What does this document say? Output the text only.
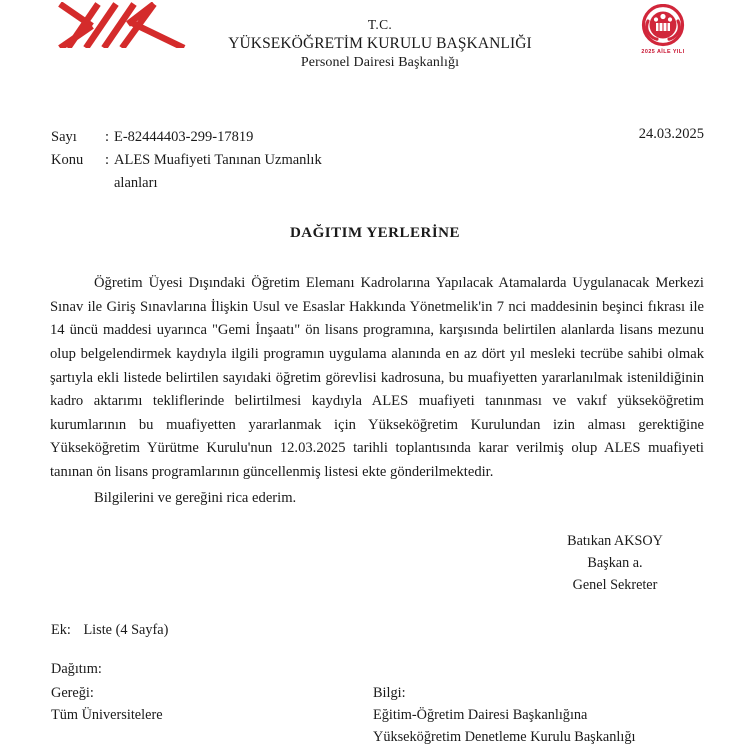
T.C.
YÜKSEKÖĞRETİM KURULU BAŞKANLIĞI
Personel Dairesi Başkanlığı
2025 AİLE YILI
Sayı	: E-82444403-299-17819
Konu	: ALES Muafiyeti Tanınan Uzmanlık
alanları
24.03.2025
DAĞITIM YERLERİNE

Öğretim Üyesi Dışındaki Öğretim Elemanı Kadrolarına Yapılacak Atamalarda Uygulanacak Merkezi Sınav ile Giriş Sınavlarına İlişkin Usul ve Esaslar Hakkında Yönetmelik'in 7 nci maddesinin beşinci fıkrası ile 14 üncü maddesi uyarınca "Gemi İnşaatı" ön lisans programına, karşısında belirtilen alanlarda lisans mezunu olup belgelendirmek kaydıyla ilgili programın uygulama alanında en az dört yıl mesleki tecrübe sahibi olmak şartıyla ekli listede belirtilen sayıdaki öğretim görevlisi kadrosuna, bu muafiyetten yararlanılmak istenildiğinin kadro aktarımı tekliflerinde belirtilmesi kaydıyla ALES muafiyeti tanınması ve vakıf yükseköğretim kurumlarının bu muafiyetten yararlanmak için Yükseköğretim Kurulundan izin alması gerektiğine Yükseköğretim Yürütme Kurulu'nun 12.03.2025 tarihli toplantısında karar verilmiş olup ALES muafiyeti tanınan ön lisans programlarının güncellenmiş listesi ekte gönderilmektedir.

Bilgilerini ve gereğini rica ederim.

Batıkan AKSOY
Başkan a.
Genel Sekreter
Ek: Liste (4 Sayfa)
Dağıtım:
Gereği:
Tüm Üniversitelere
Bilgi:
Eğitim-Öğretim Dairesi Başkanlığına
Yükseköğretim Denetleme Kurulu Başkanlığı
